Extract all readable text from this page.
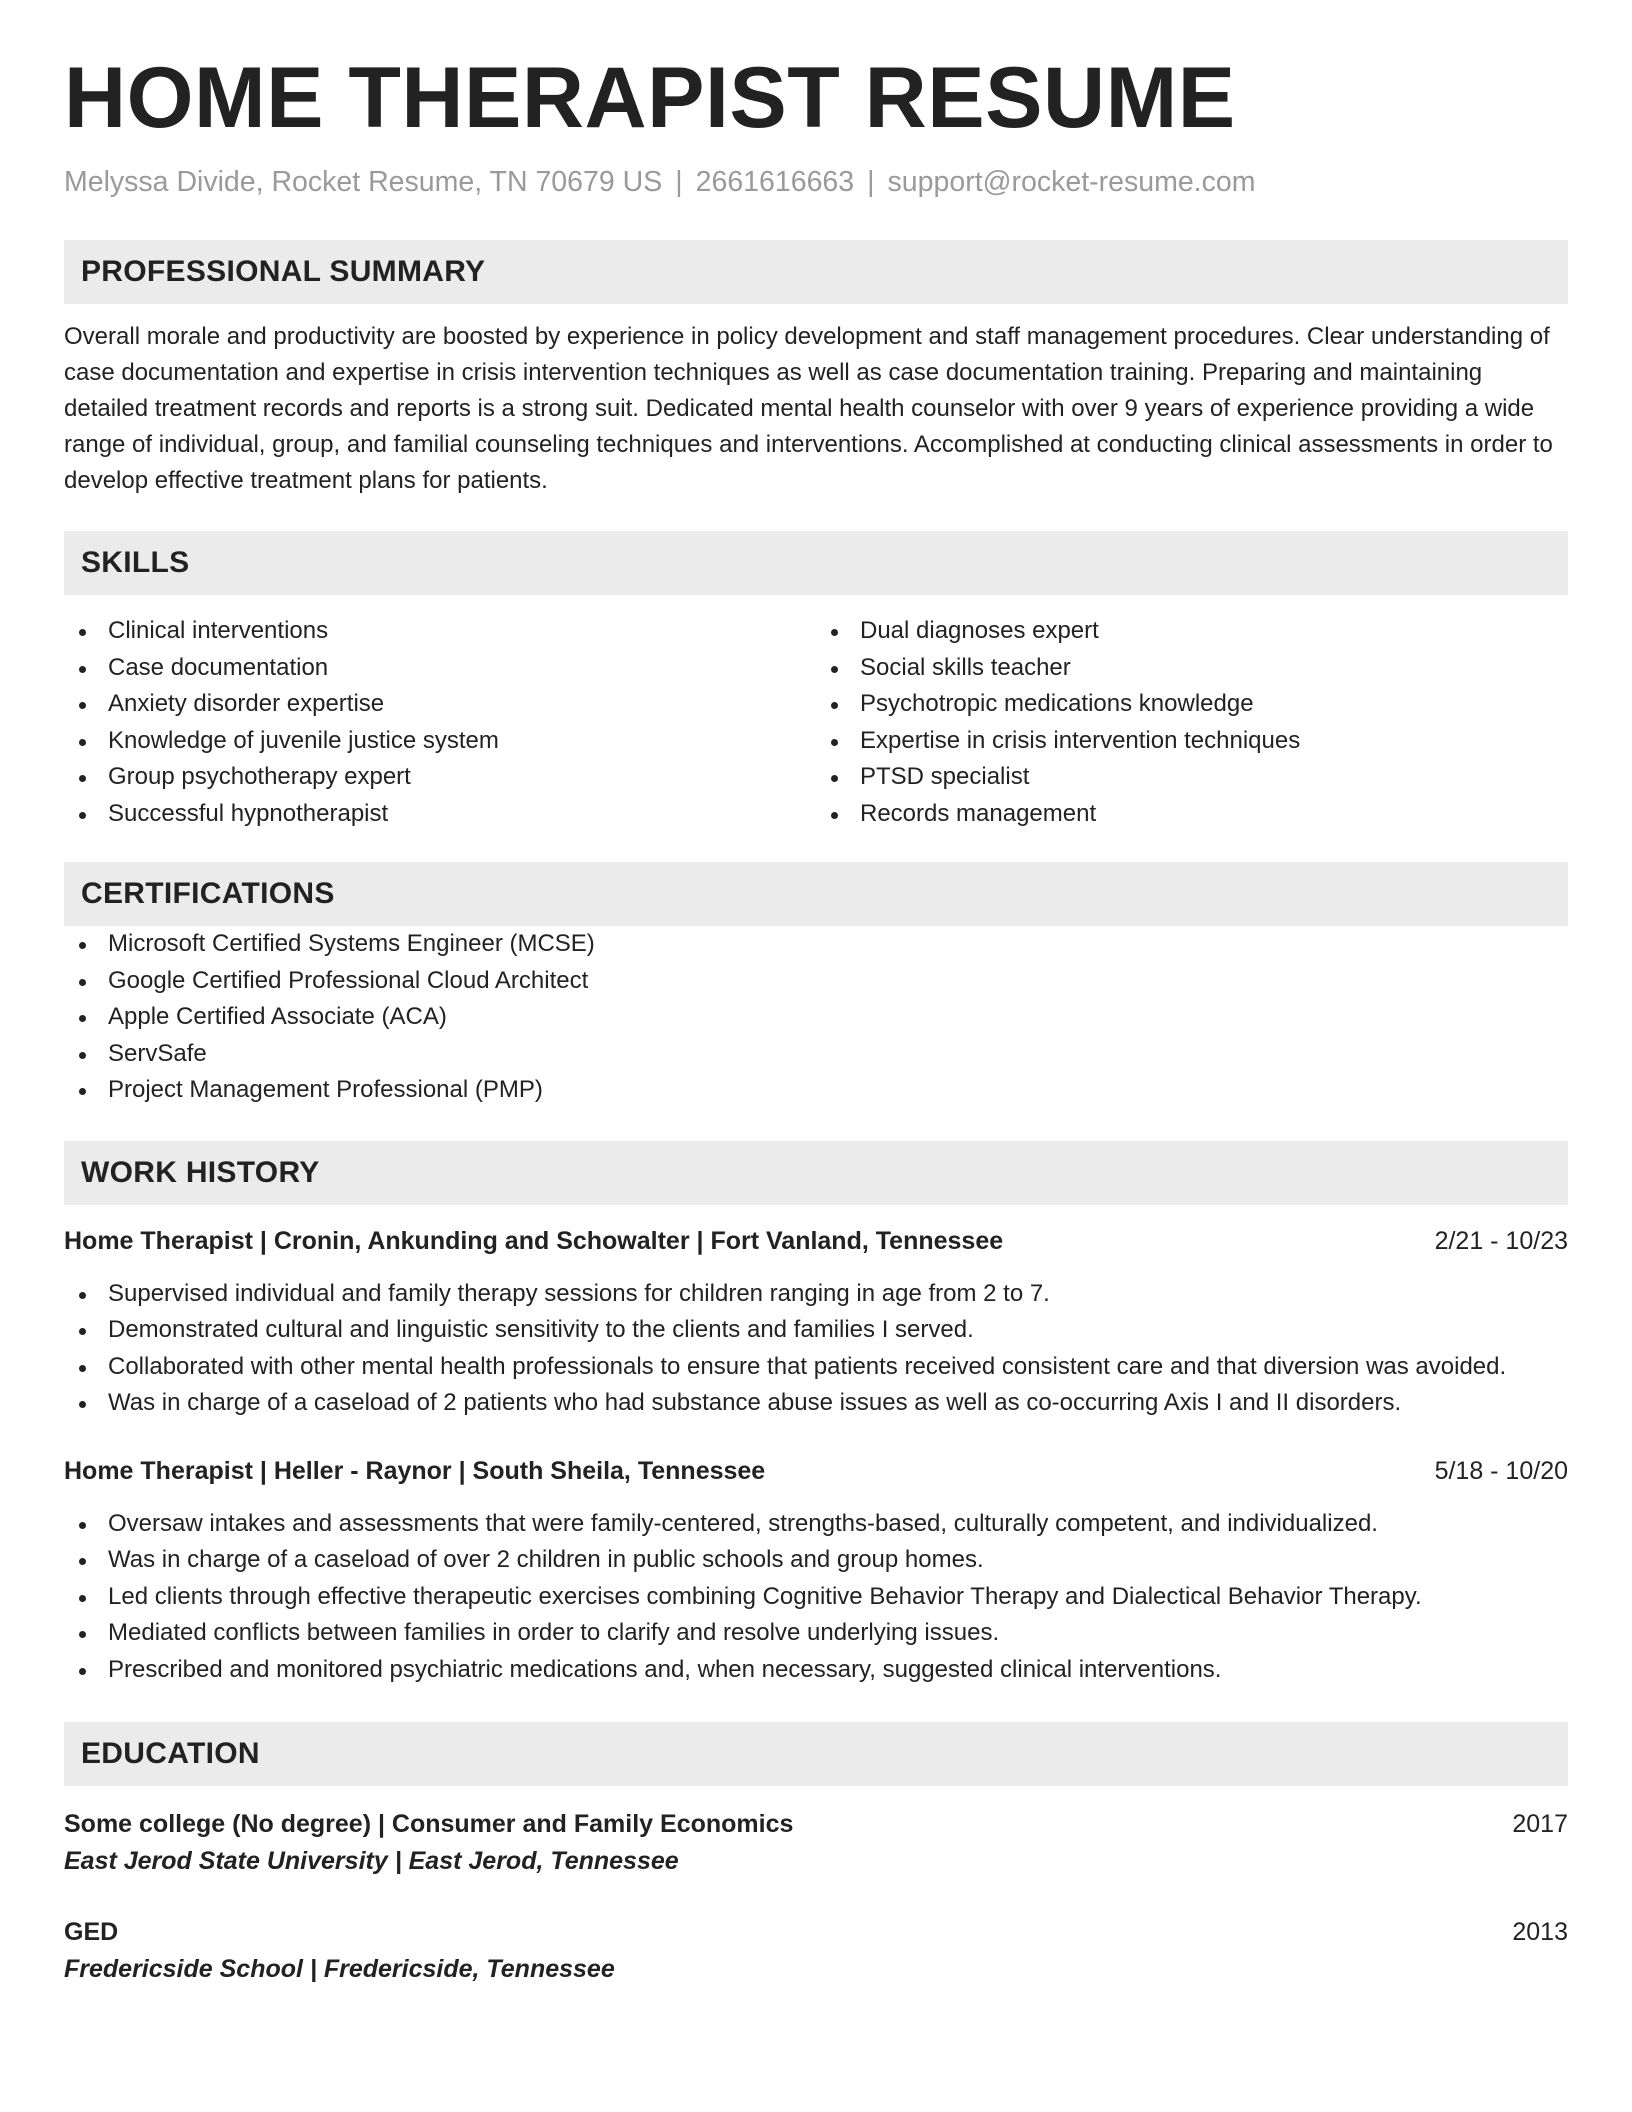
HOME THERAPIST RESUME
Melyssa Divide, Rocket Resume, TN 70679 US | 2661616663 | support@rocket-resume.com
PROFESSIONAL SUMMARY

Overall morale and productivity are boosted by experience in policy development and staff management procedures. Clear understanding of case documentation and expertise in crisis intervention techniques as well as case documentation training. Preparing and maintaining detailed treatment records and reports is a strong suit. Dedicated mental health counselor with over 9 years of experience providing a wide range of individual, group, and familial counseling techniques and interventions. Accomplished at conducting clinical assessments in order to develop effective treatment plans for patients.

SKILLS
Clinical interventions
Case documentation
Anxiety disorder expertise
Knowledge of juvenile justice system
Group psychotherapy expert
Successful hypnotherapist
Dual diagnoses expert
Social skills teacher
Psychotropic medications knowledge
Expertise in crisis intervention techniques
PTSD specialist
Records management
CERTIFICATIONS
Microsoft Certified Systems Engineer (MCSE)
Google Certified Professional Cloud Architect
Apple Certified Associate (ACA)
ServSafe
Project Management Professional (PMP)
WORK HISTORY
Home Therapist | Cronin, Ankunding and Schowalter | Fort Vanland, Tennessee	2/21 - 10/23
Supervised individual and family therapy sessions for children ranging in age from 2 to 7.
Demonstrated cultural and linguistic sensitivity to the clients and families I served.
Collaborated with other mental health professionals to ensure that patients received consistent care and that diversion was avoided.
Was in charge of a caseload of 2 patients who had substance abuse issues as well as co-occurring Axis I and II disorders.
Home Therapist | Heller - Raynor | South Sheila, Tennessee	5/18 - 10/20
Oversaw intakes and assessments that were family-centered, strengths-based, culturally competent, and individualized.
Was in charge of a caseload of over 2 children in public schools and group homes.
Led clients through effective therapeutic exercises combining Cognitive Behavior Therapy and Dialectical Behavior Therapy.
Mediated conflicts between families in order to clarify and resolve underlying issues.
Prescribed and monitored psychiatric medications and, when necessary, suggested clinical interventions.
EDUCATION
Some college (No degree) | Consumer and Family Economics	2017
East Jerod State University | East Jerod, Tennessee
GED	2013
Fredericside School | Fredericside, Tennessee
